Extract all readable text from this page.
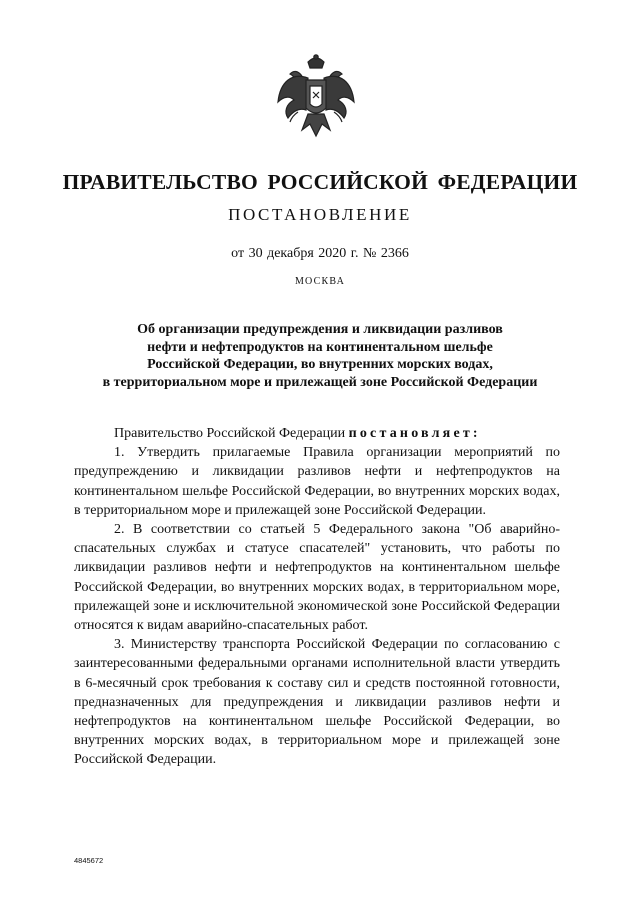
ПРАВИТЕЛЬСТВО РОССИЙСКОЙ ФЕДЕРАЦИИ
ПОСТАНОВЛЕНИЕ
от 30 декабря 2020 г. № 2366
МОСКВА
Об организации предупреждения и ликвидации разливов
нефти и нефтепродуктов на континентальном шельфе
Российской Федерации, во внутренних морских водах,
в территориальном море и прилежащей зоне Российской Федерации

Правительство Российской Федерации постановляет:

1. Утвердить прилагаемые Правила организации мероприятий по предупреждению и ликвидации разливов нефти и нефтепродуктов на континентальном шельфе Российской Федерации, во внутренних морских водах, в территориальном море и прилежащей зоне Российской Федерации.

2. В соответствии со статьей 5 Федерального закона "Об аварийно-спасательных службах и статусе спасателей" установить, что работы по ликвидации разливов нефти и нефтепродуктов на континентальном шельфе Российской Федерации, во внутренних морских водах, в территориальном море, прилежащей зоне и исключительной экономической зоне Российской Федерации относятся к видам аварийно-спасательных работ.

3. Министерству транспорта Российской Федерации по согласованию с заинтересованными федеральными органами исполнительной власти утвердить в 6-месячный срок требования к составу сил и средств постоянной готовности, предназначенных для предупреждения и ликвидации разливов нефти и нефтепродуктов на континентальном шельфе Российской Федерации, во внутренних морских водах, в территориальном море и прилежащей зоне Российской Федерации.

4845672
